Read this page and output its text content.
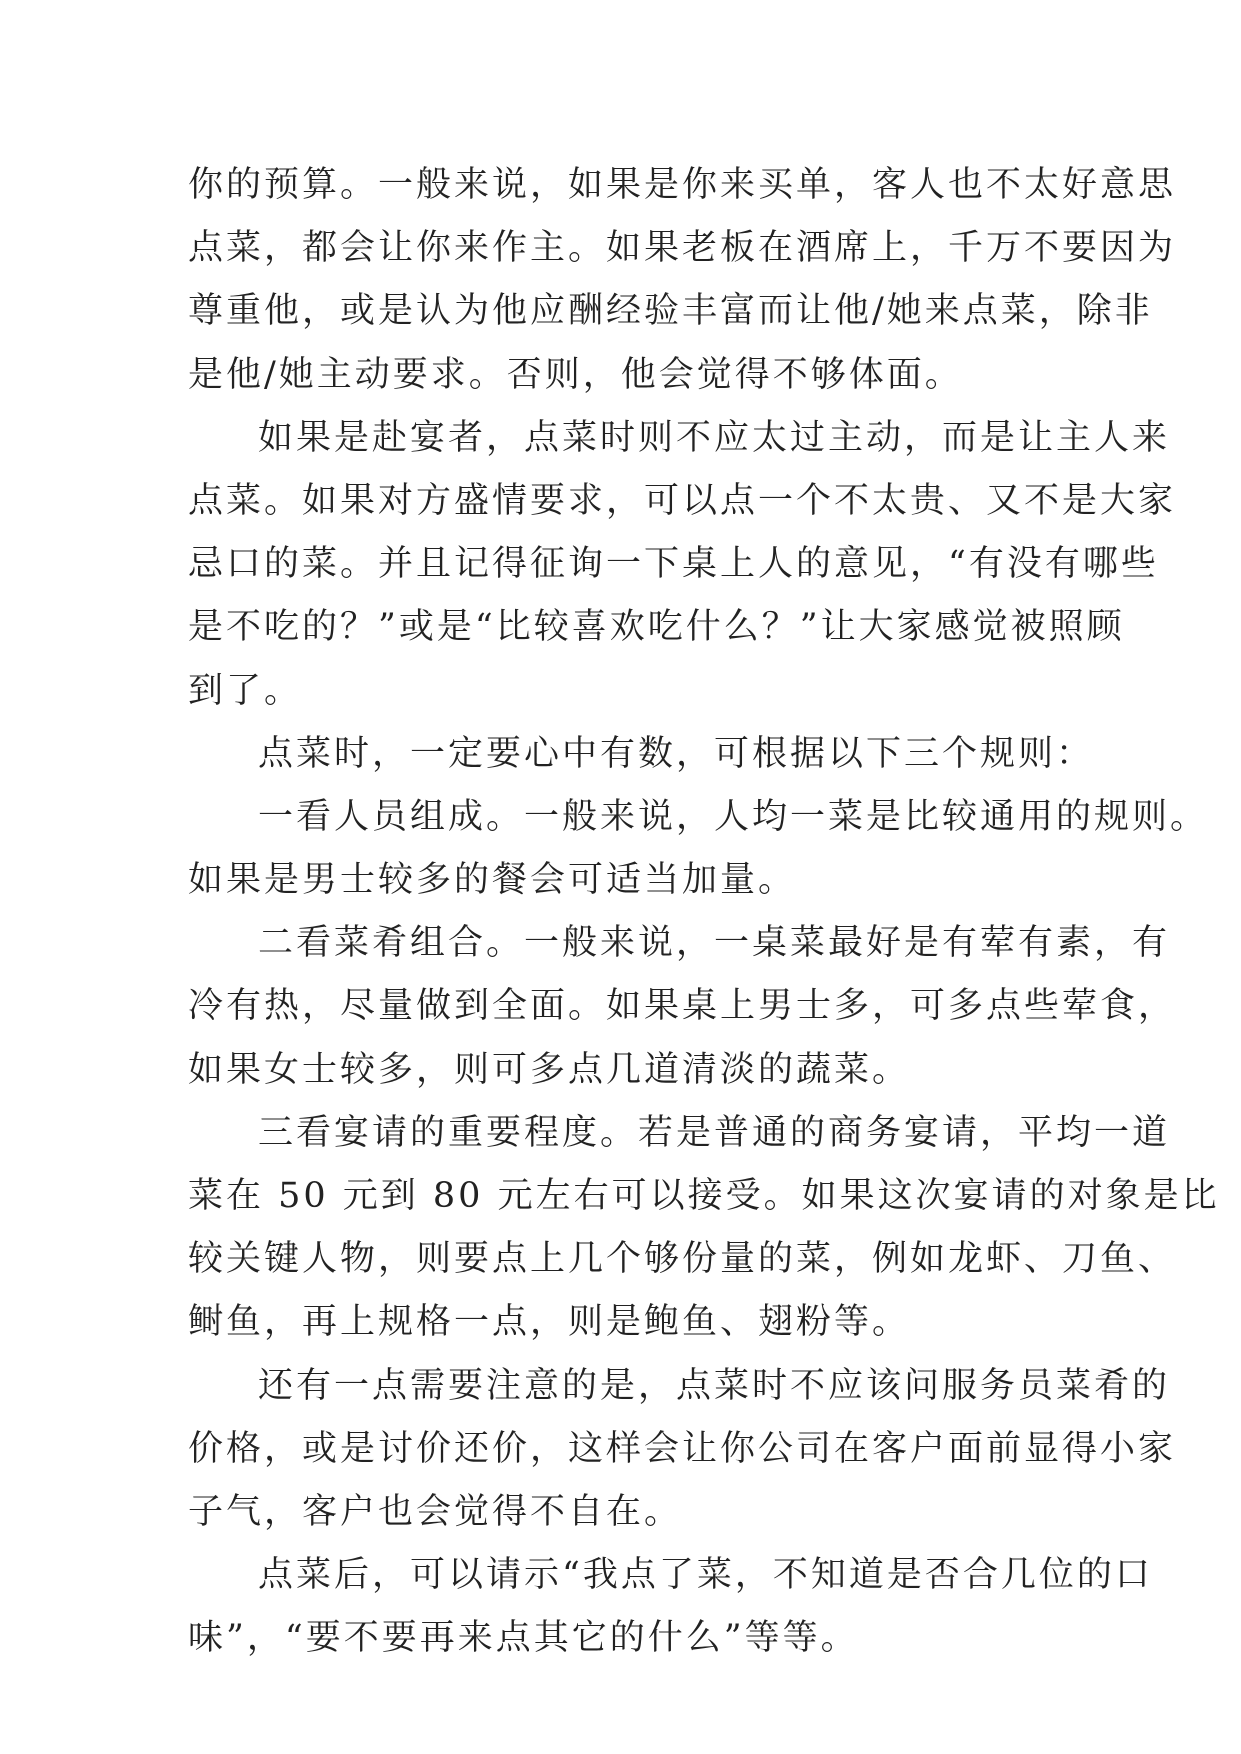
你的预算。一般来说，如果是你来买单，客人也不太好意思
点菜，都会让你来作主。如果老板在酒席上，千万不要因为
尊重他，或是认为他应酬经验丰富而让他/她来点菜，除非
是他/她主动要求。否则，他会觉得不够体面。
如果是赴宴者，点菜时则不应太过主动，而是让主人来
点菜。如果对方盛情要求，可以点一个不太贵、又不是大家
忌口的菜。并且记得征询一下桌上人的意见，“有没有哪些
是不吃的？”或是“比较喜欢吃什么？”让大家感觉被照顾
到了。
点菜时，一定要心中有数，可根据以下三个规则：
一看人员组成。一般来说，人均一菜是比较通用的规则。
如果是男士较多的餐会可适当加量。
二看菜肴组合。一般来说，一桌菜最好是有荤有素，有
冷有热，尽量做到全面。如果桌上男士多，可多点些荤食，
如果女士较多，则可多点几道清淡的蔬菜。
三看宴请的重要程度。若是普通的商务宴请，平均一道
菜在 50 元到 80 元左右可以接受。如果这次宴请的对象是比
较关键人物，则要点上几个够份量的菜，例如龙虾、刀鱼、
鲥鱼，再上规格一点，则是鲍鱼、翅粉等。
还有一点需要注意的是，点菜时不应该问服务员菜肴的
价格，或是讨价还价，这样会让你公司在客户面前显得小家
子气，客户也会觉得不自在。
点菜后，可以请示“我点了菜，不知道是否合几位的口
味”，“要不要再来点其它的什么”等等。
